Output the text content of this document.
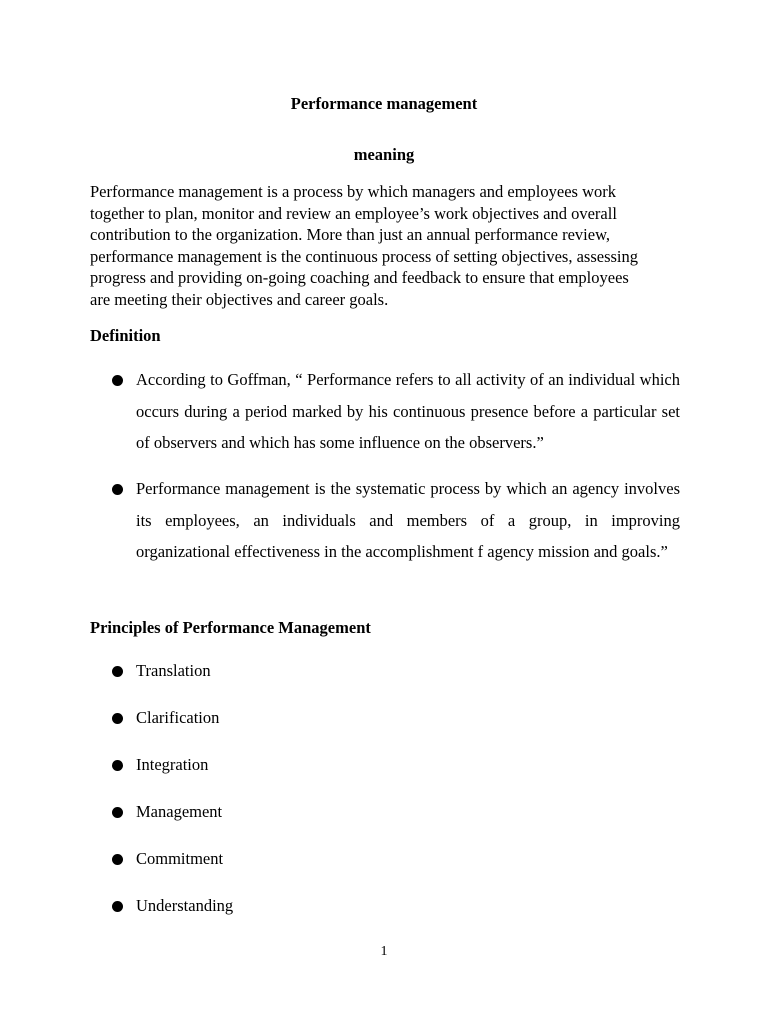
Performance management
meaning

Performance management is a process by which managers and employees work
together to plan, monitor and review an employee’s work objectives and overall
contribution to the organization. More than just an annual performance review,
performance management is the continuous process of setting objectives, assessing
progress and providing on-going coaching and feedback to ensure that employees
are meeting their objectives and career goals.

Definition
According to Goffman, “ Performance refers to all activity of an individual which occurs during a period marked by his continuous presence before a particular set of observers and which has some influence on the observers.”
Performance management is the systematic process by which an agency involves its employees, an individuals and members of a group, in improving organizational effectiveness in the accomplishment f agency mission and goals.”
Principles of Performance Management
Translation
Clarification
Integration
Management
Commitment
Understanding
1
